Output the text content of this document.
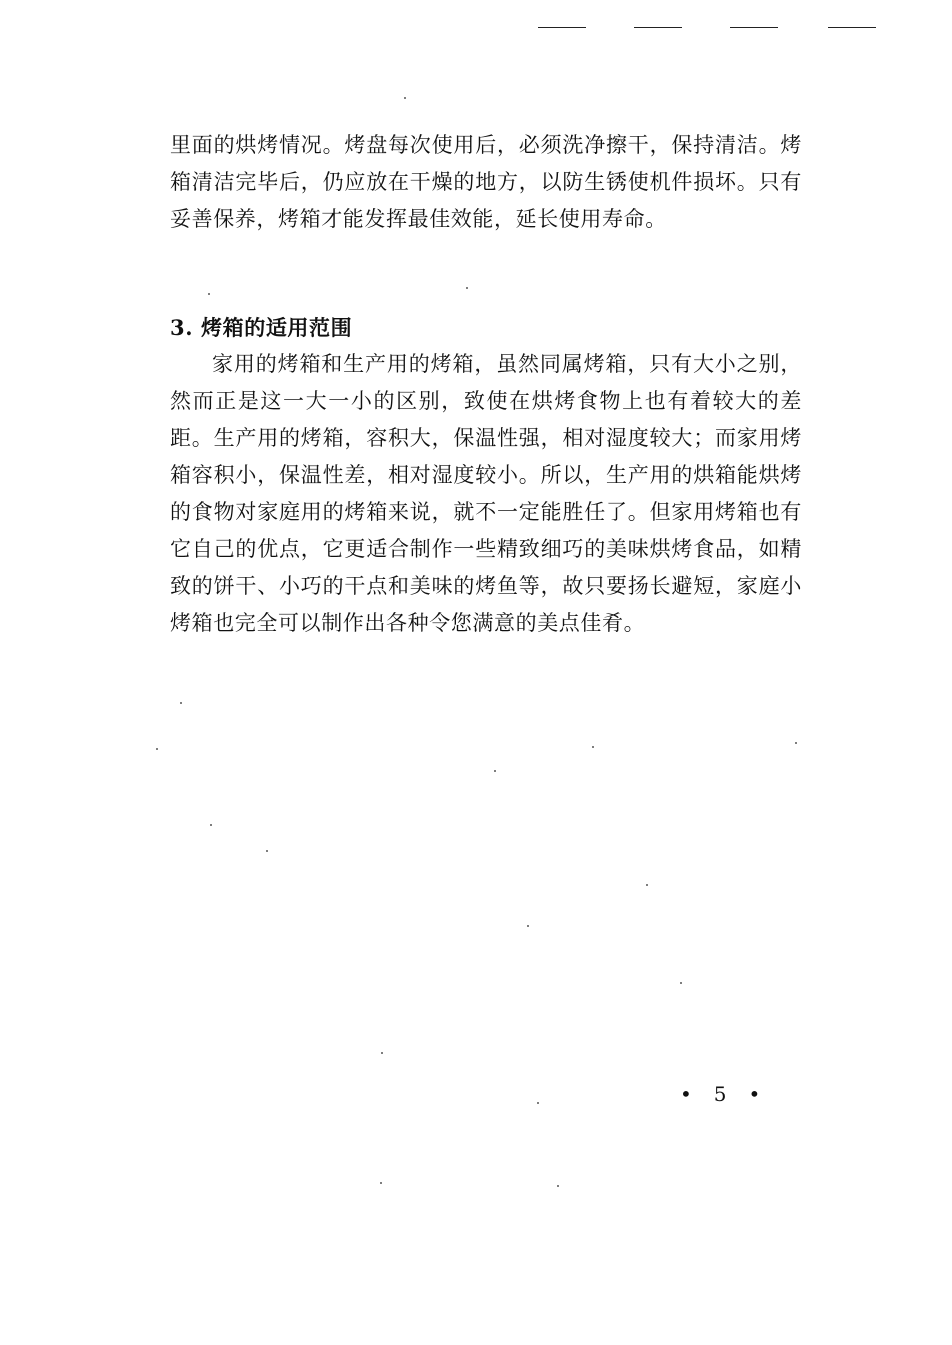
里面的烘烤情况。烤盘每次使用后，必须洗净擦干，保持清洁。烤箱清洁完毕后，仍应放在干燥的地方，以防生锈使机件损坏。只有妥善保养，烤箱才能发挥最佳效能，延长使用寿命。

3. 烤箱的适用范围

家用的烤箱和生产用的烤箱，虽然同属烤箱，只有大小之别，然而正是这一大一小的区别，致使在烘烤食物上也有着较大的差距。生产用的烤箱，容积大，保温性强，相对湿度较大；而家用烤箱容积小，保温性差，相对湿度较小。所以，生产用的烘箱能烘烤的食物对家庭用的烤箱来说，就不一定能胜任了。但家用烤箱也有它自己的优点，它更适合制作一些精致细巧的美味烘烤食品，如精致的饼干、小巧的干点和美味的烤鱼等，故只要扬长避短，家庭小烤箱也完全可以制作出各种令您满意的美点佳肴。

• 5 •
